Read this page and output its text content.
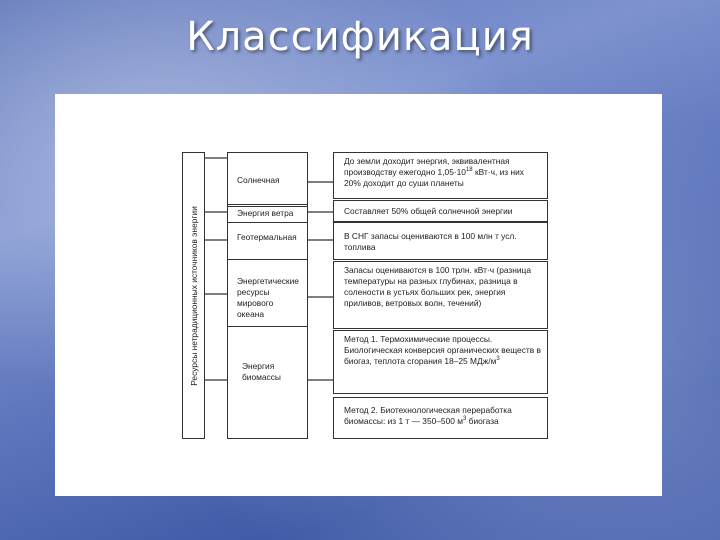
Классификация
Ресурсы нетрадиционных источников энергии
Солнечная
Энергия ветра
Геотермальная
Энергетические ресурсы мирового океана
Энергия биомассы
До земли доходит энергия, эквивалентная производству ежегодно $1,05\cdot 10^{18}$ кВт·ч, из них 20% доходит до суши планеты
Составляет 50% общей солнечной энергии
В СНГ запасы оцениваются в 100 млн т усл. топлива
Запасы оцениваются в 100 трлн. кВт·ч (разница температуры на разных глубинах, разница в солености в устьях больших рек, энергия приливов, ветровых волн, течений)
Метод 1. Термохимические процессы. Биологическая конверсия органических веществ в биогаз, теплота сгорания 18–25 МДж/$м^3$
Метод 2. Биотехнологическая переработка биомассы: из 1 т — 350–500 $м^3$ биогаза
